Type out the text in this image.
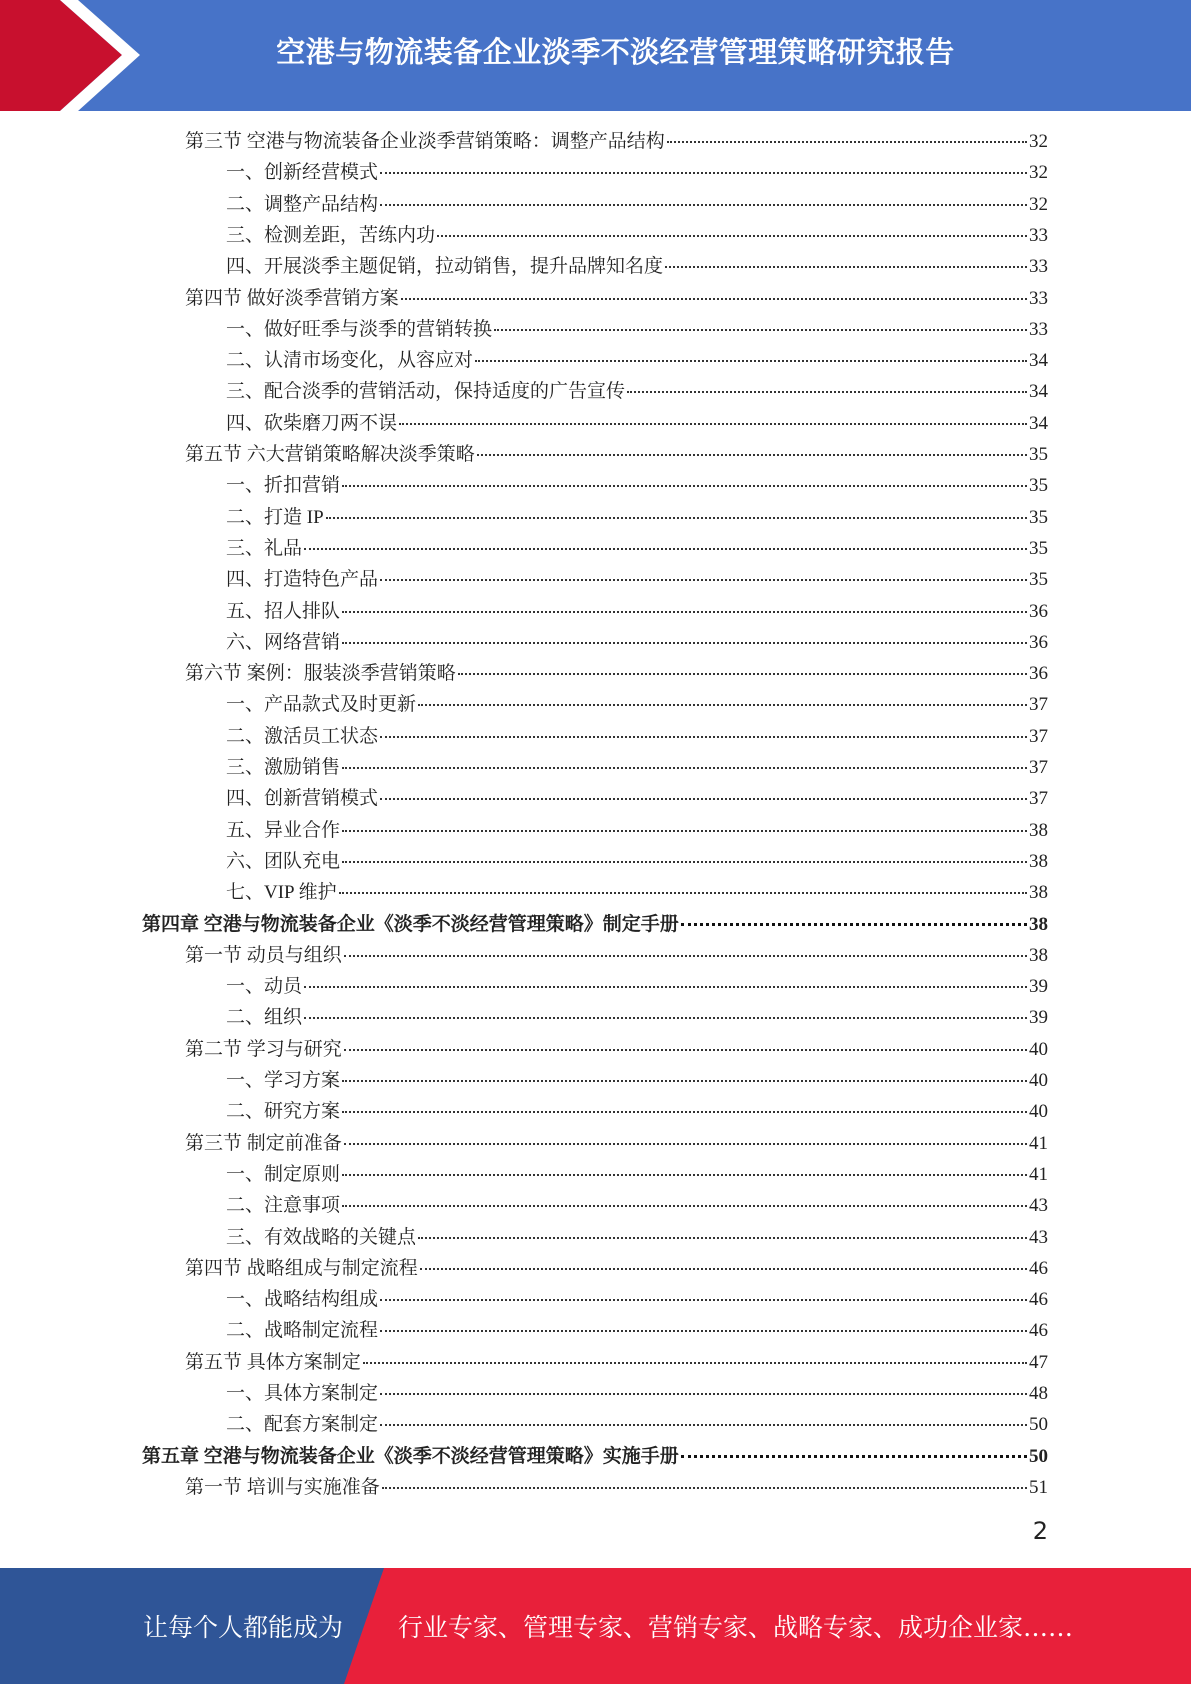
空港与物流装备企业淡季不淡经营管理策略研究报告
第三节 空港与物流装备企业淡季营销策略：调整产品结构	32
一、创新经营模式	32
二、调整产品结构	32
三、检测差距，苦练内功	33
四、开展淡季主题促销，拉动销售，提升品牌知名度	33
第四节 做好淡季营销方案	33
一、做好旺季与淡季的营销转换	33
二、认清市场变化，从容应对	34
三、配合淡季的营销活动，保持适度的广告宣传	34
四、砍柴磨刀两不误	34
第五节 六大营销策略解决淡季策略	35
一、折扣营销	35
二、打造 IP	35
三、礼品	35
四、打造特色产品	35
五、招人排队	36
六、网络营销	36
第六节 案例：服装淡季营销策略	36
一、产品款式及时更新	37
二、激活员工状态	37
三、激励销售	37
四、创新营销模式	37
五、异业合作	38
六、团队充电	38
七、VIP 维护	38
第四章 空港与物流装备企业《淡季不淡经营管理策略》制定手册	38
第一节 动员与组织	38
一、动员	39
二、组织	39
第二节 学习与研究	40
一、学习方案	40
二、研究方案	40
第三节 制定前准备	41
一、制定原则	41
二、注意事项	43
三、有效战略的关键点	43
第四节 战略组成与制定流程	46
一、战略结构组成	46
二、战略制定流程	46
第五节 具体方案制定	47
一、具体方案制定	48
二、配套方案制定	50
第五章 空港与物流装备企业《淡季不淡经营管理策略》实施手册	50
第一节 培训与实施准备	51
2
让每个人都能成为 行业专家、管理专家、营销专家、战略专家、成功企业家……
